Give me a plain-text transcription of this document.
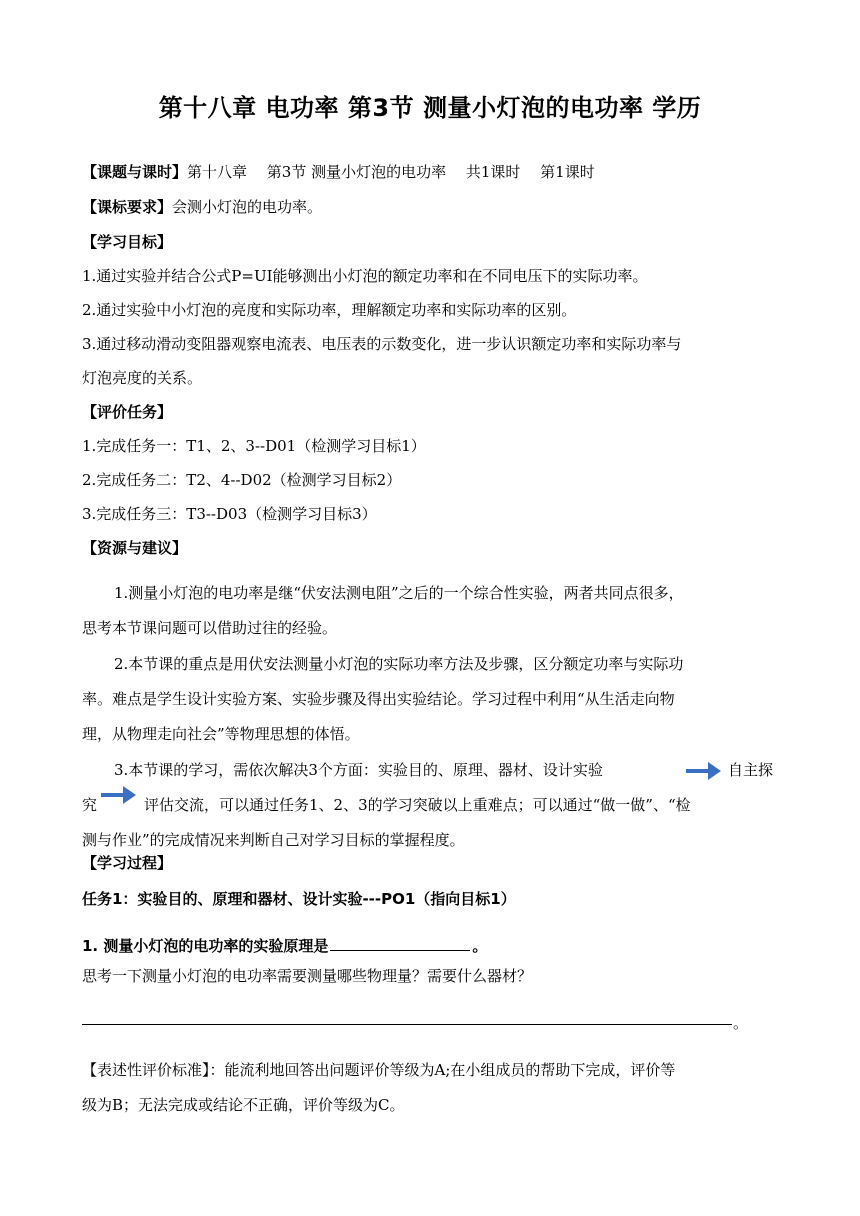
第十八章 电功率 第3节 测量小灯泡的电功率 学历
【课题与课时】第十八章　 第3节 测量小灯泡的电功率　 共1课时　 第1课时
【课标要求】会测小灯泡的电功率。
【学习目标】
1.通过实验并结合公式P=UI能够测出小灯泡的额定功率和在不同电压下的实际功率。
2.通过实验中小灯泡的亮度和实际功率，理解额定功率和实际功率的区别。
3.通过移动滑动变阻器观察电流表、电压表的示数变化，进一步认识额定功率和实际功率与
灯泡亮度的关系。
【评价任务】
1.完成任务一：T1、2、3--D01（检测学习目标1）
2.完成任务二：T2、4--D02（检测学习目标2）
3.完成任务三：T3--D03（检测学习目标3）
【资源与建议】
1.测量小灯泡的电功率是继“伏安法测电阻”之后的一个综合性实验，两者共同点很多，
思考本节课问题可以借助过往的经验。
2.本节课的重点是用伏安法测量小灯泡的实际功率方法及步骤，区分额定功率与实际功
率。难点是学生设计实验方案、实验步骤及得出实验结论。学习过程中利用“从生活走向物
理，从物理走向社会”等物理思想的体悟。
3.本节课的学习，需依次解决3个方面：实验目的、原理、器材、设计实验	自主探
究	评估交流，可以通过任务1、2、3的学习突破以上重难点；可以通过“做一做”、“检
测与作业”的完成情况来判断自己对学习目标的掌握程度。
【学习过程】
任务1：实验目的、原理和器材、设计实验---PO1（指向目标1）
1. 测量小灯泡的电功率的实验原理是	。
思考一下测量小灯泡的电功率需要测量哪些物理量？需要什么器材？
。
【表述性评价标准】：能流利地回答出问题评价等级为A;在小组成员的帮助下完成，评价等
级为B；无法完成或结论不正确，评价等级为C。
